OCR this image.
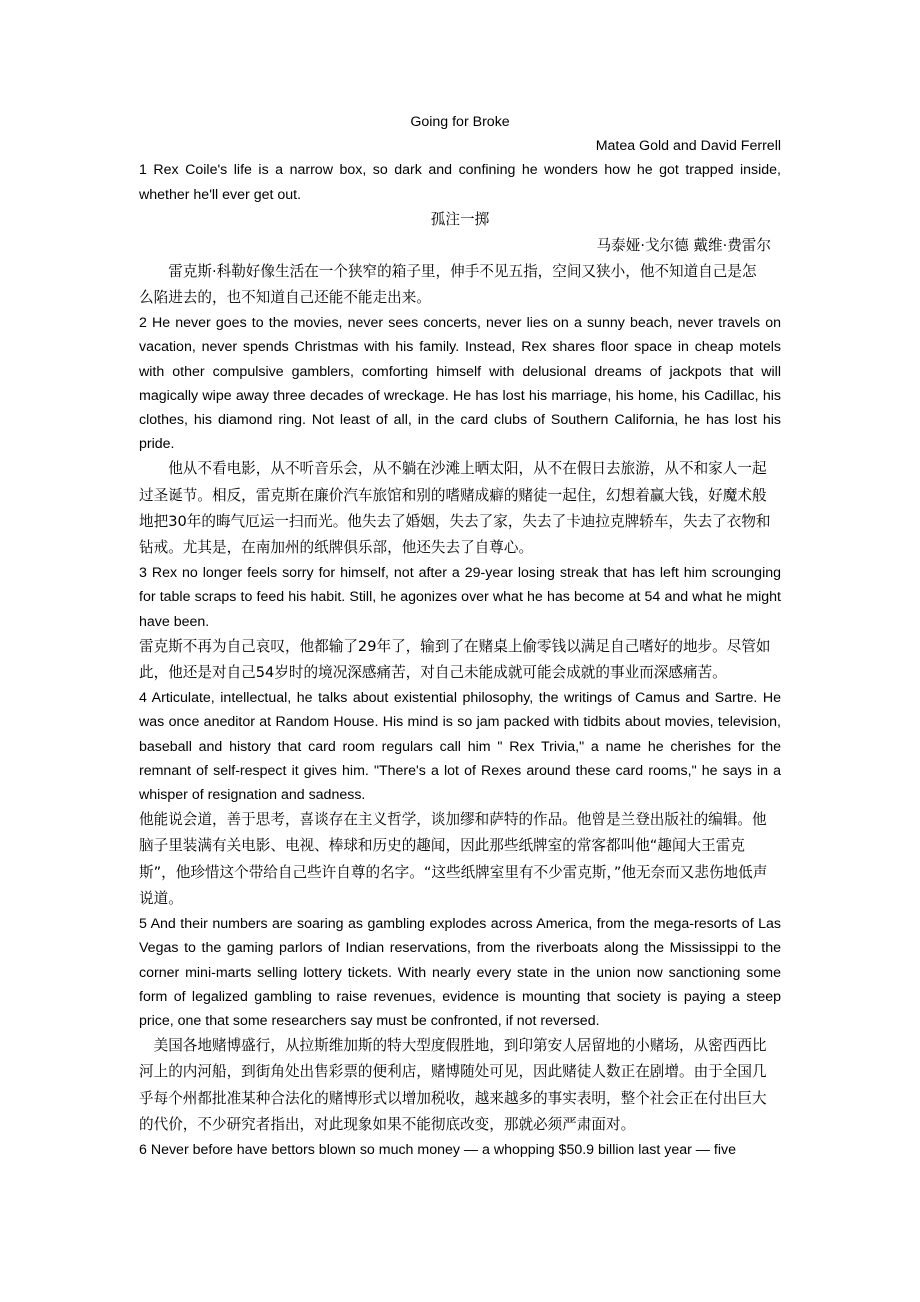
Going for Broke

Matea Gold and David Ferrell

1 Rex Coile's life is a narrow box, so dark and confining he wonders how he got trapped inside, whether he'll ever get out.

孤注一掷

马泰娅·戈尔德 戴维·费雷尔

雷克斯·科勒好像生活在一个狭窄的箱子里，伸手不见五指，空间又狭小，他不知道自己是怎么陷进去的，也不知道自己还能不能走出来。

2 He never goes to the movies, never sees concerts, never lies on a sunny beach, never travels on vacation, never spends Christmas with his family. Instead, Rex shares floor space in cheap motels with other compulsive gamblers, comforting himself with delusional dreams of jackpots that will magically wipe away three decades of wreckage. He has lost his marriage, his home, his Cadillac, his clothes, his diamond ring. Not least of all, in the card clubs of Southern California, he has lost his pride.

他从不看电影，从不听音乐会，从不躺在沙滩上晒太阳，从不在假日去旅游，从不和家人一起过圣诞节。相反，雷克斯在廉价汽车旅馆和别的嗜赌成癖的赌徒一起住，幻想着赢大钱，好魔术般地把30年的晦气厄运一扫而光。他失去了婚姻，失去了家，失去了卡迪拉克牌轿车，失去了衣物和钻戒。尤其是，在南加州的纸牌俱乐部，他还失去了自尊心。

3 Rex no longer feels sorry for himself, not after a 29-year losing streak that has left him scrounging for table scraps to feed his habit. Still, he agonizes over what he has become at 54 and what he might have been.

雷克斯不再为自己哀叹，他都输了29年了，输到了在赌桌上偷零钱以满足自己嗜好的地步。尽管如此，他还是对自己54岁时的境况深感痛苦，对自己未能成就可能会成就的事业而深感痛苦。

4 Articulate, intellectual, he talks about existential philosophy, the writings of Camus and Sartre. He was once aneditor at Random House. His mind is so jam packed with tidbits about movies, television, baseball and history that card room regulars call him " Rex Trivia," a name he cherishes for the remnant of self-respect it gives him. "There's a lot of Rexes around these card rooms," he says in a whisper of resignation and sadness.

他能说会道，善于思考，喜谈存在主义哲学，谈加缪和萨特的作品。他曾是兰登出版社的编辑。他脑子里装满有关电影、电视、棒球和历史的趣闻，因此那些纸牌室的常客都叫他“趣闻大王雷克斯”，他珍惜这个带给自己些许自尊的名字。“这些纸牌室里有不少雷克斯，”他无奈而又悲伤地低声说道。

5 And their numbers are soaring as gambling explodes across America, from the mega-resorts of Las Vegas to the gaming parlors of Indian reservations, from the riverboats along the Mississippi to the corner mini-marts selling lottery tickets. With nearly every state in the union now sanctioning some form of legalized gambling to raise revenues, evidence is mounting that society is paying a steep price, one that some researchers say must be confronted, if not reversed.

美国各地赌博盛行，从拉斯维加斯的特大型度假胜地，到印第安人居留地的小赌场，从密西西比河上的内河船，到街角处出售彩票的便利店，赌博随处可见，因此赌徒人数正在剧增。由于全国几乎每个州都批准某种合法化的赌博形式以增加税收，越来越多的事实表明，整个社会正在付出巨大的代价，不少研究者指出，对此现象如果不能彻底改变，那就必须严肃面对。

6 Never before have bettors blown so much money — a whopping $50.9 billion last year — five
